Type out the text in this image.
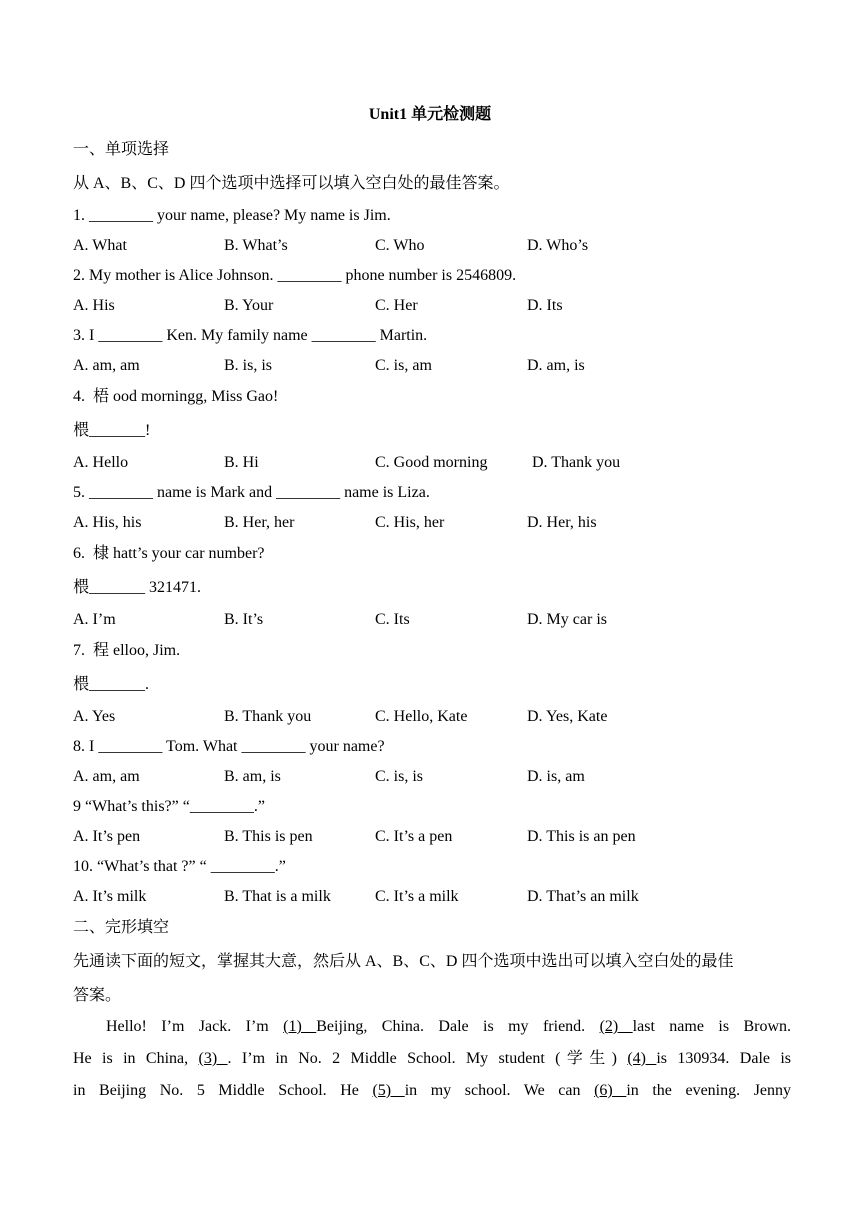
Unit1 单元检测题
一、单项选择
从 A、B、C、D 四个选项中选择可以填入空白处的最佳答案。
1. ________ your name, please? My name is Jim.
A. What	B. What’s	C. Who	D. Who’s
2. My mother is Alice Johnson. ________ phone number is 2546809.
A. His	B. Your	C. Her	D. Its
3. I ________ Ken. My family name ________ Martin.
A. am, am	B. is, is	C. is, am	D. am, is
4.  梧 ood morningg, Miss Gao!
椳_______!
A. Hello	B. Hi	C. Good morning	D. Thank you
5. ________ name is Mark and ________ name is Liza.
A. His, his	B. Her, her	C. His, her	D. Her, his
6.  棣 hatt’s your car number?
椳_______ 321471.
A. I’m	B. It’s	C. Its	D. My car is
7.  程 elloo, Jim.
椳_______.
A. Yes	B. Thank you	C. Hello, Kate	D. Yes, Kate
8. I ________ Tom. What ________ your name?
A. am, am	B. am, is	C. is, is	D. is, am
9 “What’s this?” “________.”
A. It’s pen	B. This is pen	C. It’s a pen	D. This is an pen
10. “What’s that ?” “ ________.”
A. It’s milk	B. That is a milk	C. It’s a milk	D. That’s an milk
二、完形填空
先通读下面的短文，掌握其大意，然后从 A、B、C、D 四个选项中选出可以填入空白处的最佳
答案。
Hello! I’m Jack. I’m (1) Beijing, China. Dale is my friend. (2) last name is Brown.
He is in China, (3) . I’m in No. 2 Middle School. My student (学生) (4) is 130934. Dale is
in Beijing No. 5 Middle School. He (5) in my school. We can (6) in the evening. Jenny
